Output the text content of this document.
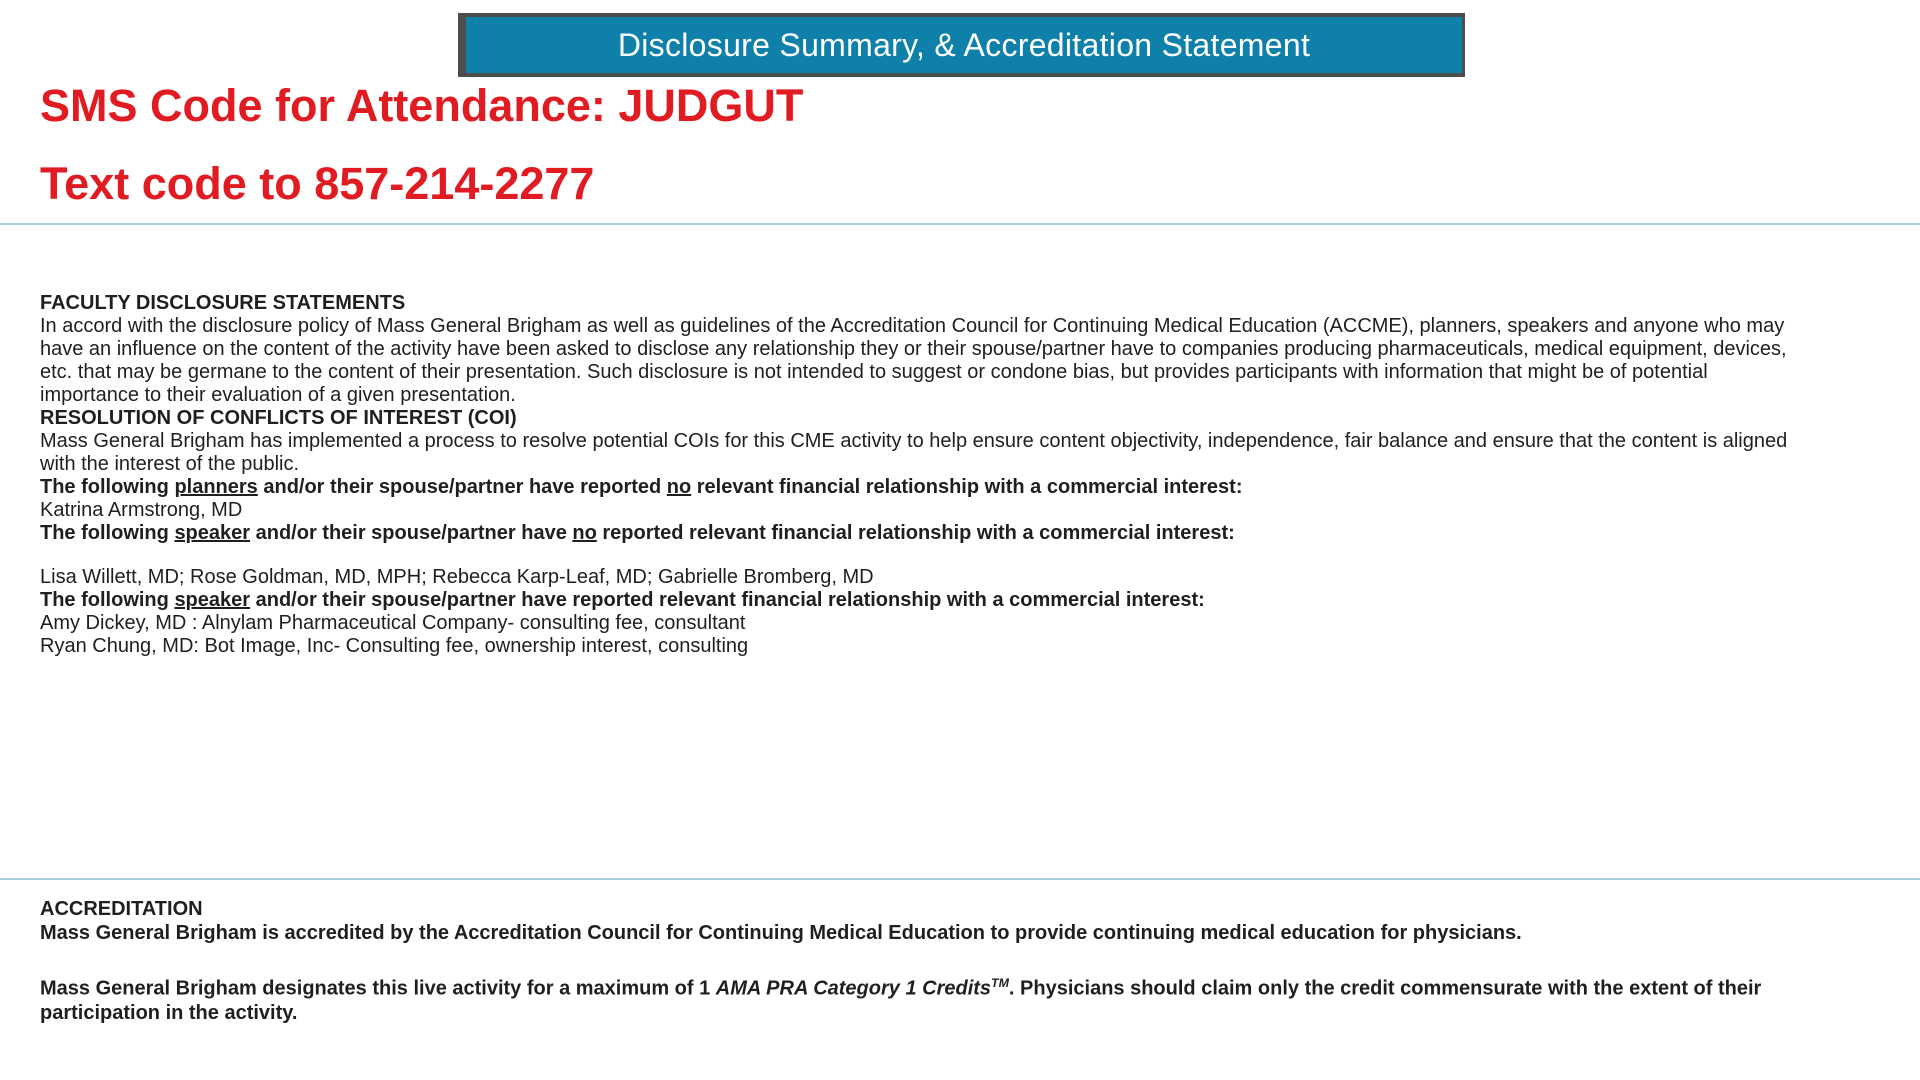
Disclosure Summary, & Accreditation Statement
SMS Code for Attendance: JUDGUT
Text code to 857-214-2277
FACULTY DISCLOSURE STATEMENTS

In accord with the disclosure policy of Mass General Brigham as well as guidelines of the Accreditation Council for Continuing Medical Education (ACCME), planners, speakers and anyone who may have an influence on the content of the activity have been asked to disclose any relationship they or their spouse/partner have to companies producing pharmaceuticals, medical equipment, devices, etc. that may be germane to the content of their presentation. Such disclosure is not intended to suggest or condone bias, but provides participants with information that might be of potential importance to their evaluation of a given presentation.

RESOLUTION OF CONFLICTS OF INTEREST (COI)

Mass General Brigham has implemented a process to resolve potential COIs for this CME activity to help ensure content objectivity, independence, fair balance and ensure that the content is aligned with the interest of the public.

The following planners and/or their spouse/partner have reported no relevant financial relationship with a commercial interest:
Katrina Armstrong, MD
The following speaker and/or their spouse/partner have no reported relevant financial relationship with a commercial interest:
Lisa Willett, MD; Rose Goldman, MD, MPH; Rebecca Karp-Leaf, MD; Gabrielle Bromberg, MD
The following speaker and/or their spouse/partner have reported relevant financial relationship with a commercial interest:
Amy Dickey, MD : Alnylam Pharmaceutical Company- consulting fee, consultant
Ryan Chung, MD: Bot Image, Inc- Consulting fee, ownership interest, consulting
ACCREDITATION
Mass General Brigham is accredited by the Accreditation Council for Continuing Medical Education to provide continuing medical education for physicians.
Mass General Brigham designates this live activity for a maximum of 1 AMA PRA Category 1 Credits™. Physicians should claim only the credit commensurate with the extent of their participation in the activity.
